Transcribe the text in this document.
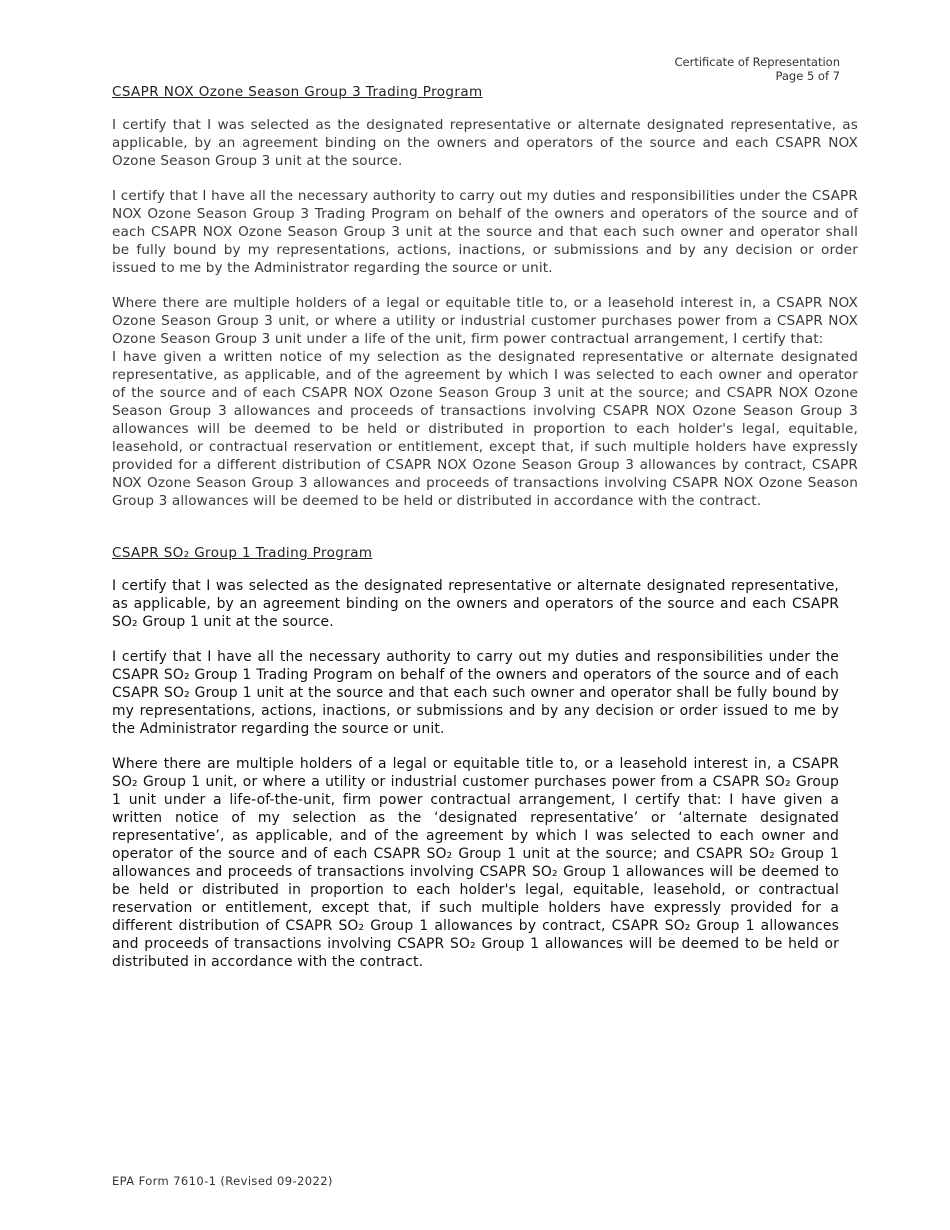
Certificate of Representation
Page 5 of 7
CSAPR NOX Ozone Season Group 3 Trading Program

I certify that I was selected as the designated representative or alternate designated representative, as applicable, by an agreement binding on the owners and operators of the source and each CSAPR NOX Ozone Season Group 3 unit at the source.

I certify that I have all the necessary authority to carry out my duties and responsibilities under the CSAPR NOX Ozone Season Group 3 Trading Program on behalf of the owners and operators of the source and of each CSAPR NOX Ozone Season Group 3 unit at the source and that each such owner and operator shall be fully bound by my representations, actions, inactions, or submissions and by any decision or order issued to me by the Administrator regarding the source or unit.

Where there are multiple holders of a legal or equitable title to, or a leasehold interest in, a CSAPR NOX Ozone Season Group 3 unit, or where a utility or industrial customer purchases power from a CSAPR NOX Ozone Season Group 3 unit under a life of the unit, firm power contractual arrangement, I certify that:

I have given a written notice of my selection as the designated representative or alternate designated representative, as applicable, and of the agreement by which I was selected to each owner and operator of the source and of each CSAPR NOX Ozone Season Group 3 unit at the source; and CSAPR NOX Ozone Season Group 3 allowances and proceeds of transactions involving CSAPR NOX Ozone Season Group 3 allowances will be deemed to be held or distributed in proportion to each holder's legal, equitable, leasehold, or contractual reservation or entitlement, except that, if such multiple holders have expressly provided for a different distribution of CSAPR NOX Ozone Season Group 3 allowances by contract, CSAPR NOX Ozone Season Group 3 allowances and proceeds of transactions involving CSAPR NOX Ozone Season Group 3 allowances will be deemed to be held or distributed in accordance with the contract.

CSAPR SO₂ Group 1 Trading Program

I certify that I was selected as the designated representative or alternate designated representative, as applicable, by an agreement binding on the owners and operators of the source and each CSAPR SO₂ Group 1 unit at the source.

I certify that I have all the necessary authority to carry out my duties and responsibilities under the CSAPR SO₂ Group 1 Trading Program on behalf of the owners and operators of the source and of each CSAPR SO₂ Group 1 unit at the source and that each such owner and operator shall be fully bound by my representations, actions, inactions, or submissions and by any decision or order issued to me by the Administrator regarding the source or unit.

Where there are multiple holders of a legal or equitable title to, or a leasehold interest in, a CSAPR SO₂ Group 1 unit, or where a utility or industrial customer purchases power from a CSAPR SO₂ Group 1 unit under a life-of-the-unit, firm power contractual arrangement, I certify that: I have given a written notice of my selection as the ‘designated representative’ or ‘alternate designated representative’, as applicable, and of the agreement by which I was selected to each owner and operator of the source and of each CSAPR SO₂ Group 1 unit at the source; and CSAPR SO₂ Group 1 allowances and proceeds of transactions involving CSAPR SO₂ Group 1 allowances will be deemed to be held or distributed in proportion to each holder's legal, equitable, leasehold, or contractual reservation or entitlement, except that, if such multiple holders have expressly provided for a different distribution of CSAPR SO₂ Group 1 allowances by contract, CSAPR SO₂ Group 1 allowances and proceeds of transactions involving CSAPR SO₂ Group 1 allowances will be deemed to be held or distributed in accordance with the contract.

EPA Form 7610-1 (Revised 09-2022)
